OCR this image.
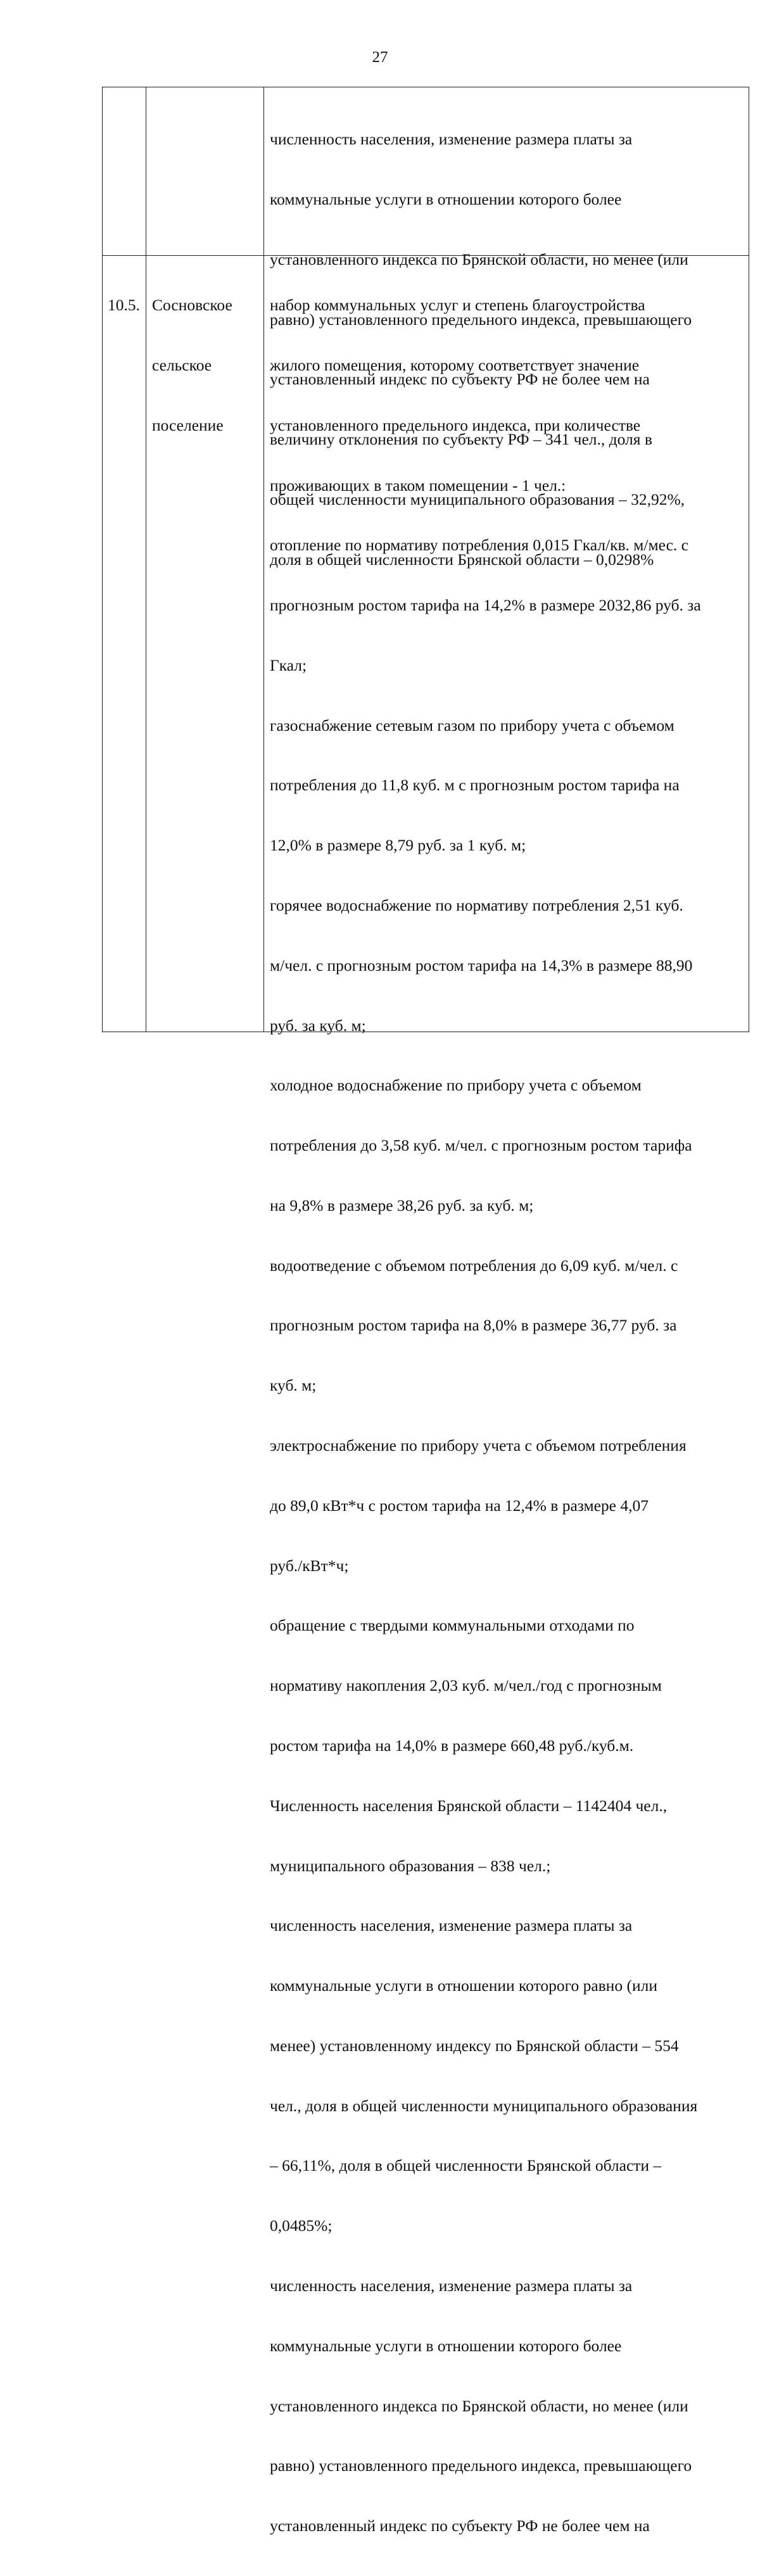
27

численность населения, изменение размера платы за

коммунальные услуги в отношении которого более

установленного индекса по Брянской области, но менее (или

равно) установленного предельного индекса, превышающего

установленный индекс по субъекту РФ не более чем на

величину отклонения по субъекту РФ – 341 чел., доля в

общей численности муниципального образования – 32,92%,

доля в общей численности Брянской области – 0,0298%

10.5.

Сосновское

сельское

поселение

набор коммунальных услуг и степень благоустройства

жилого помещения, которому соответствует значение

установленного предельного индекса, при количестве

проживающих в таком помещении - 1 чел.:

отопление по нормативу потребления 0,015 Гкал/кв. м/мес. с

прогнозным ростом тарифа на 14,2% в размере 2032,86 руб. за

Гкал;

газоснабжение сетевым газом по прибору учета с объемом

потребления до 11,8 куб. м с прогнозным ростом тарифа на

12,0% в размере 8,79 руб. за 1 куб. м;

горячее водоснабжение по нормативу потребления 2,51 куб.

м/чел. с прогнозным ростом тарифа на 14,3% в размере 88,90

руб. за куб. м;

холодное водоснабжение по прибору учета с объемом

потребления до 3,58 куб. м/чел. с прогнозным ростом тарифа

на 9,8% в размере 38,26 руб. за куб. м;

водоотведение с объемом потребления до 6,09 куб. м/чел. с

прогнозным ростом тарифа на 8,0% в размере 36,77 руб. за

куб. м;

электроснабжение по прибору учета с объемом потребления

до 89,0 кВт*ч с ростом тарифа на 12,4% в размере 4,07

руб./кВт*ч;

обращение с твердыми коммунальными отходами по

нормативу накопления 2,03 куб. м/чел./год с прогнозным

ростом тарифа на 14,0% в размере 660,48 руб./куб.м.

Численность населения Брянской области – 1142404 чел.,

муниципального образования – 838 чел.;

численность населения, изменение размера платы за

коммунальные услуги в отношении которого равно (или

менее) установленному индексу по Брянской области – 554

чел., доля в общей численности муниципального образования

– 66,11%, доля в общей численности Брянской области –

0,0485%;

численность населения, изменение размера платы за

коммунальные услуги в отношении которого более

установленного индекса по Брянской области, но менее (или

равно) установленного предельного индекса, превышающего

установленный индекс по субъекту РФ не более чем на
